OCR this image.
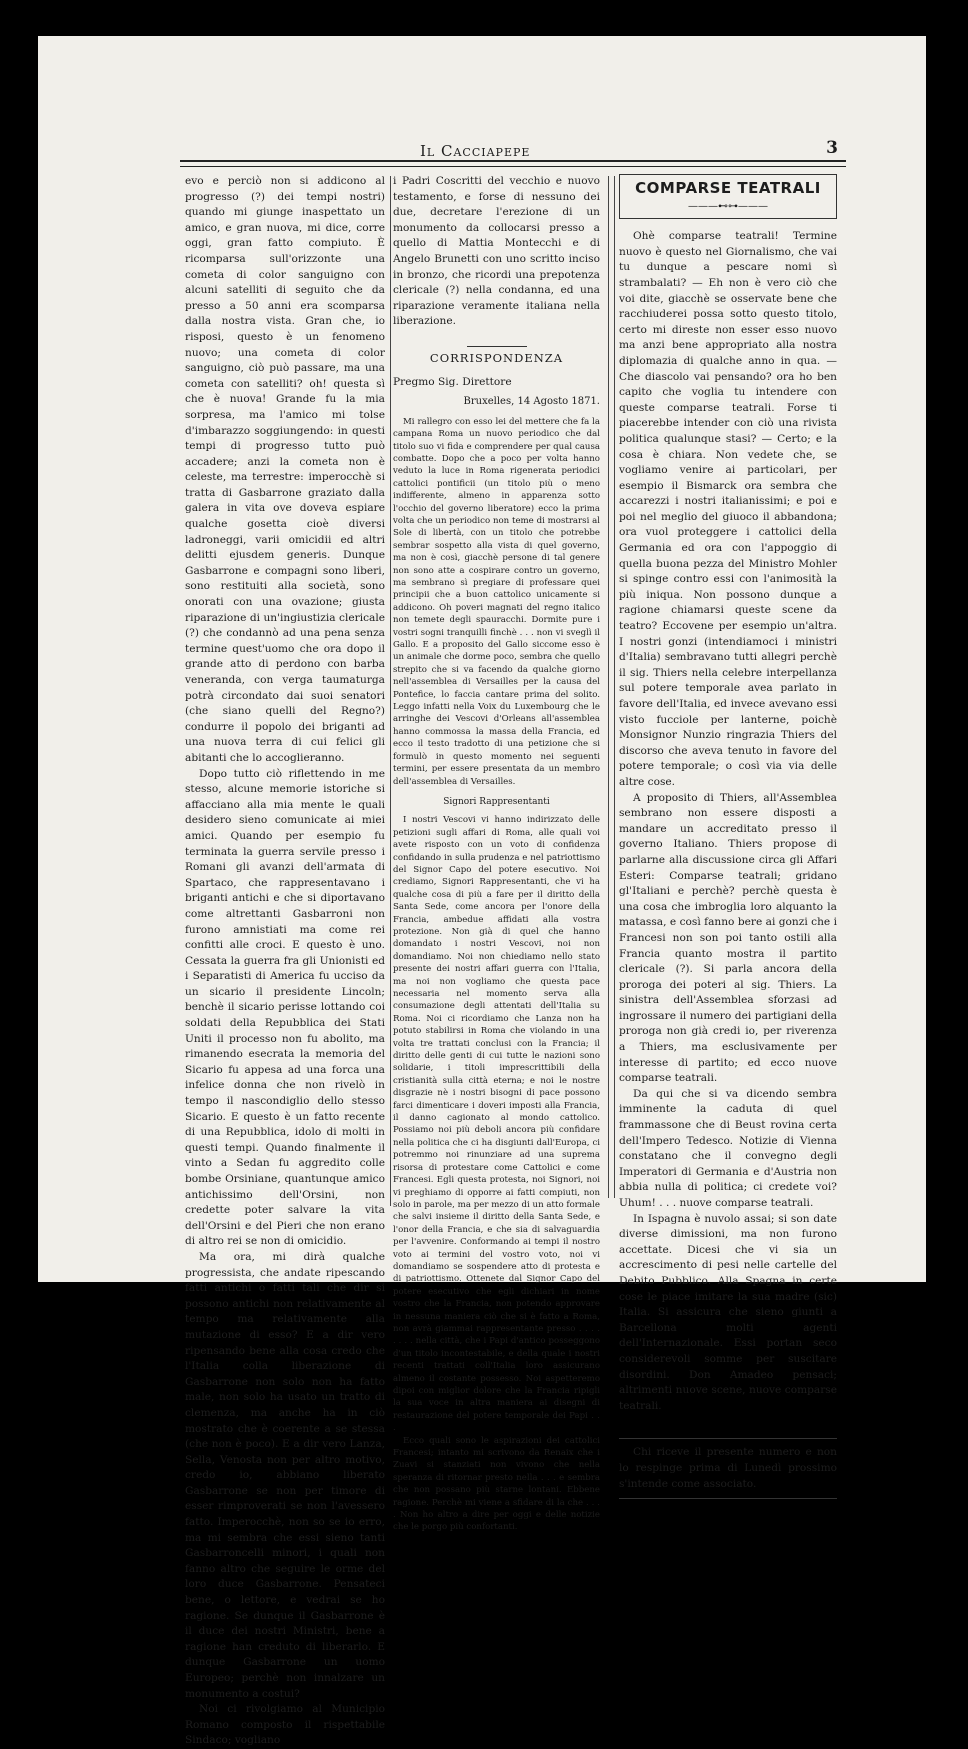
Il Cacciapepe	3

evo e perciò non si addicono al progresso (?) dei tempi nostri) quando mi giunge inaspettato un amico, e gran nuova, mi dice, corre oggi, gran fatto compiuto. È ricomparsa sull'orizzonte una cometa di color sanguigno con alcuni satelliti di seguito che da presso a 50 anni era scomparsa dalla nostra vista. Gran che, io risposi, questo è un fenomeno nuovo; una cometa di color sanguigno, ciò può passare, ma una cometa con satelliti? oh! questa sì che è nuova! Grande fu la mia sorpresa, ma l'amico mi tolse d'imbarazzo soggiungendo: in questi tempi di progresso tutto può accadere; anzi la cometa non è celeste, ma terrestre: imperocchè si tratta di Gasbarrone graziato dalla galera in vita ove doveva espiare qualche gosetta cioè diversi ladroneggi, varii omicidii ed altri delitti ejusdem generis. Dunque Gasbarrone e compagni sono liberi, sono restituiti alla società, sono onorati con una ovazione; giusta riparazione di un'ingiustizia clericale (?) che condannò ad una pena senza termine quest'uomo che ora dopo il grande atto di perdono con barba veneranda, con verga taumaturga potrà circondato dai suoi senatori (che siano quelli del Regno?) condurre il popolo dei briganti ad una nuova terra di cui felici gli abitanti che lo accoglieranno.

Dopo tutto ciò riflettendo in me stesso, alcune memorie istoriche si affacciano alla mia mente le quali desidero sieno comunicate ai miei amici. Quando per esempio fu terminata la guerra servile presso i Romani gli avanzi dell'armata di Spartaco, che rappresentavano i briganti antichi e che si diportavano come altrettanti Gasbarroni non furono amnistiati ma come rei confitti alle croci. E questo è uno. Cessata la guerra fra gli Unionisti ed i Separatisti di America fu ucciso da un sicario il presidente Lincoln; benchè il sicario perisse lottando coi soldati della Repubblica dei Stati Uniti il processo non fu abolito, ma rimanendo esecrata la memoria del Sicario fu appesa ad una forca una infelice donna che non rivelò in tempo il nascondiglio dello stesso Sicario. E questo è un fatto recente di una Repubblica, idolo di molti in questi tempi. Quando finalmente il vinto a Sedan fu aggredito colle bombe Orsiniane, quantunque amico antichissimo dell'Orsini, non credette poter salvare la vita dell'Orsini e del Pieri che non erano di altro rei se non di omicidio.

Ma ora, mi dirà qualche progressista, che andate ripescando fatti antichi o fatti tali che dir si possono antichi non relativamente al tempo ma relativamente alla mutazione di esso? E a dir vero ripensando bene alla cosa credo che l'Italia colla liberazione di Gasbarrone non solo non ha fatto male, non solo ha usato un tratto di clemenza, ma anche ha in ciò mostrato che è coerente a se stessa (che non è poco). E a dir vero Lanza, Sella, Venosta non per altro motivo, credo io, abbiano liberato Gasbarrone se non per timore di esser rimproverati se non l'avessero fatto. Imperocchè, non so se io erro, ma mi sembra che essi sieno tanti Gasbarroncelli minori, i quali non fanno altro che seguire le orme del loro duce Gasbarrone. Pensateci bene, o lettore, e vedrai se ho ragione. Se dunque il Gasbarrone è il duce dei nostri Ministri, bene a ragione han creduto di liberarlo. E dunque Gasbarrone un uomo Europeo; perchè non innalzare un monumento a costui?

Noi ci rivolgiamo al Municipio Romano composto il rispettabile Sindaco; vogliano

i Padri Coscritti del vecchio e nuovo testamento, e forse di nessuno dei due, decretare l'erezione di un monumento da collocarsi presso a quello di Mattia Montecchi e di Angelo Brunetti con uno scritto inciso in bronzo, che ricordi una prepotenza clericale (?) nella condanna, ed una riparazione veramente italiana nella liberazione.

CORRISPONDENZA

Pregmo Sig. Direttore

Bruxelles, 14 Agosto 1871.

Mi rallegro con esso lei del mettere che fa la campana Roma un nuovo periodico che dal titolo suo vi fida e comprendere per qual causa combatte. Dopo che a poco per volta hanno veduto la luce in Roma rigenerata periodici cattolici pontificii (un titolo più o meno indifferente, almeno in apparenza sotto l'occhio del governo liberatore) ecco la prima volta che un periodico non teme di mostrarsi al Sole di libertà, con un titolo che potrebbe sembrar sospetto alla vista di quel governo, ma non è così, giacchè persone di tal genere non sono atte a cospirare contro un governo, ma sembrano sì pregiare di professare quei principii che a buon cattolico unicamente si addicono. Oh poveri magnati del regno italico non temete degli spauracchi. Dormite pure i vostri sogni tranquilli finchè . . . non vi sveglì il Gallo. E a proposito del Gallo siccome esso è un animale che dorme poco, sembra che quello strepito che si va facendo da qualche giorno nell'assemblea di Versailles per la causa del Pontefice, lo faccia cantare prima del solito. Leggo infatti nella Voix du Luxembourg che le arringhe dei Vescovi d'Orleans all'assemblea hanno commossa la massa della Francia, ed ecco il testo tradotto di una petizione che si formulò in questo momento nei seguenti termini, per essere presentata da un membro dell'assemblea di Versailles.

Signori Rappresentanti

I nostri Vescovi vi hanno indirizzato delle petizioni sugli affari di Roma, alle quali voi avete risposto con un voto di confidenza confidando in sulla prudenza e nel patriottismo del Signor Capo del potere esecutivo. Noi crediamo, Signori Rappresentanti, che vi ha qualche cosa di più a fare per il diritto della Santa Sede, come ancora per l'onore della Francia, ambedue affidati alla vostra protezione. Non già di quel che hanno domandato i nostri Vescovi, noi non domandiamo. Noi non chiediamo nello stato presente dei nostri affari guerra con l'Italia, ma noi non vogliamo che questa pace necessaria nel momento serva alla consumazione degli attentati dell'Italia su Roma. Noi ci ricordiamo che Lanza non ha potuto stabilirsi in Roma che violando in una volta tre trattati conclusi con la Francia; il diritto delle genti di cui tutte le nazioni sono solidarie, i titoli imprescrittibili della cristianità sulla città eterna; e noi le nostre disgrazie nè i nostri bisogni di pace possono farci dimenticare i doveri imposti alla Francia, il danno cagionato al mondo cattolico. Possiamo noi più deboli ancora più confidare nella politica che ci ha disgiunti dall'Europa, ci potremmo noi rinunziare ad una suprema risorsa di protestare come Cattolici e come Francesi. Egli questa protesta, noi Signori, noi vi preghiamo di opporre ai fatti compiuti, non solo in parole, ma per mezzo di un atto formale che salvi insieme il diritto della Santa Sede, e l'onor della Francia, e che sia di salvaguardia per l'avvenire. Conformando ai tempi il nostro voto ai termini del vostro voto, noi vi domandiamo se sospendere atto di protesta e di patriottismo. Ottenete dal Signor Capo del potere esecutivo che egli dichiari in nome vostro che la Francia, non potendo approvare in nessuna maniera ciò che si è fatto a Roma, non avrà giammai rappresentante presso . . . . . . . . nella città, che i Papi d'antico posseggono d'un titolo incontestabile, e della quale i nostri recenti trattati coll'Italia loro assicurano almeno il costante possesso. Noi aspetteremo dipoi con miglior dolore che la Francia ripigli la sua voce in altra maniera ai disegni di restaurazione del potere temporale dei Papi . . .

Ecco quali sono le aspirazioni dei cattolici Francesi; intanto mi scrivono da Renaix che i Zuavi si stanziati non vivono che nella speranza di ritornar presto nella . . . e sembra che non possano più starne lontani. Ebbene ragione. Perchè mi viene a sfidare di la che . . . . Non ho altro a dire per oggi e delle notizie che le porgo più confortanti.

COMPARSE TEATRALI
———⊷⊶———

Ohè comparse teatrali! Termine nuovo è questo nel Giornalismo, che vai tu dunque a pescare nomi sì strambalati? — Eh non è vero ciò che voi dite, giacchè se osservate bene che racchiuderei possa sotto questo titolo, certo mi direste non esser esso nuovo ma anzi bene appropriato alla nostra diplomazia di qualche anno in qua. — Che diascolo vai pensando? ora ho ben capito che voglia tu intendere con queste comparse teatrali. Forse ti piacerebbe intender con ciò una rivista politica qualunque stasi? — Certo; e la cosa è chiara. Non vedete che, se vogliamo venire ai particolari, per esempio il Bismarck ora sembra che accarezzi i nostri italianissimi; e poi e poi nel meglio del giuoco il abbandona; ora vuol proteggere i cattolici della Germania ed ora con l'appoggio di quella buona pezza del Ministro Mohler si spinge contro essi con l'animosità la più iniqua. Non possono dunque a ragione chiamarsi queste scene da teatro? Eccovene per esempio un'altra. I nostri gonzi (intendiamoci i ministri d'Italia) sembravano tutti allegri perchè il sig. Thiers nella celebre interpellanza sul potere temporale avea parlato in favore dell'Italia, ed invece avevano essi visto fucciole per lanterne, poichè Monsignor Nunzio ringrazia Thiers del discorso che aveva tenuto in favore del potere temporale; o così via via delle altre cose.

A proposito di Thiers, all'Assemblea sembrano non essere disposti a mandare un accreditato presso il governo Italiano. Thiers propose di parlarne alla discussione circa gli Affari Esteri: Comparse teatrali; gridano gl'Italiani e perchè? perchè questa è una cosa che imbroglia loro alquanto la matassa, e così fanno bere ai gonzi che i Francesi non son poi tanto ostili alla Francia quanto mostra il partito clericale (?). Si parla ancora della proroga dei poteri al sig. Thiers. La sinistra dell'Assemblea sforzasi ad ingrossare il numero dei partigiani della proroga non già credi io, per riverenza a Thiers, ma esclusivamente per interesse di partito; ed ecco nuove comparse teatrali.

Da qui che si va dicendo sembra imminente la caduta di quel frammassone che di Beust rovina certa dell'Impero Tedesco. Notizie di Vienna constatano che il convegno degli Imperatori di Germania e d'Austria non abbia nulla di politica; ci credete voi? Uhum! . . . nuove comparse teatrali.

In Ispagna è nuvolo assai; si son date diverse dimissioni, ma non furono accettate. Dicesi che vi sia un accrescimento di pesi nelle cartelle del Debito Pubblico. Alla Spagna in certe cose le piace imitare la sua madre (sic) Italia. Si assicura che sieno giunti a Barcellona molti agenti dell'Internazionale. Essi portan seco considerevoli somme per suscitare disordini. Don Amadeo pensaci; altrimenti nuove scene, nuove comparse teatrali.

Chi riceve il presente numero e non lo respinge prima di Lunedì prossimo s'intende come associato.
